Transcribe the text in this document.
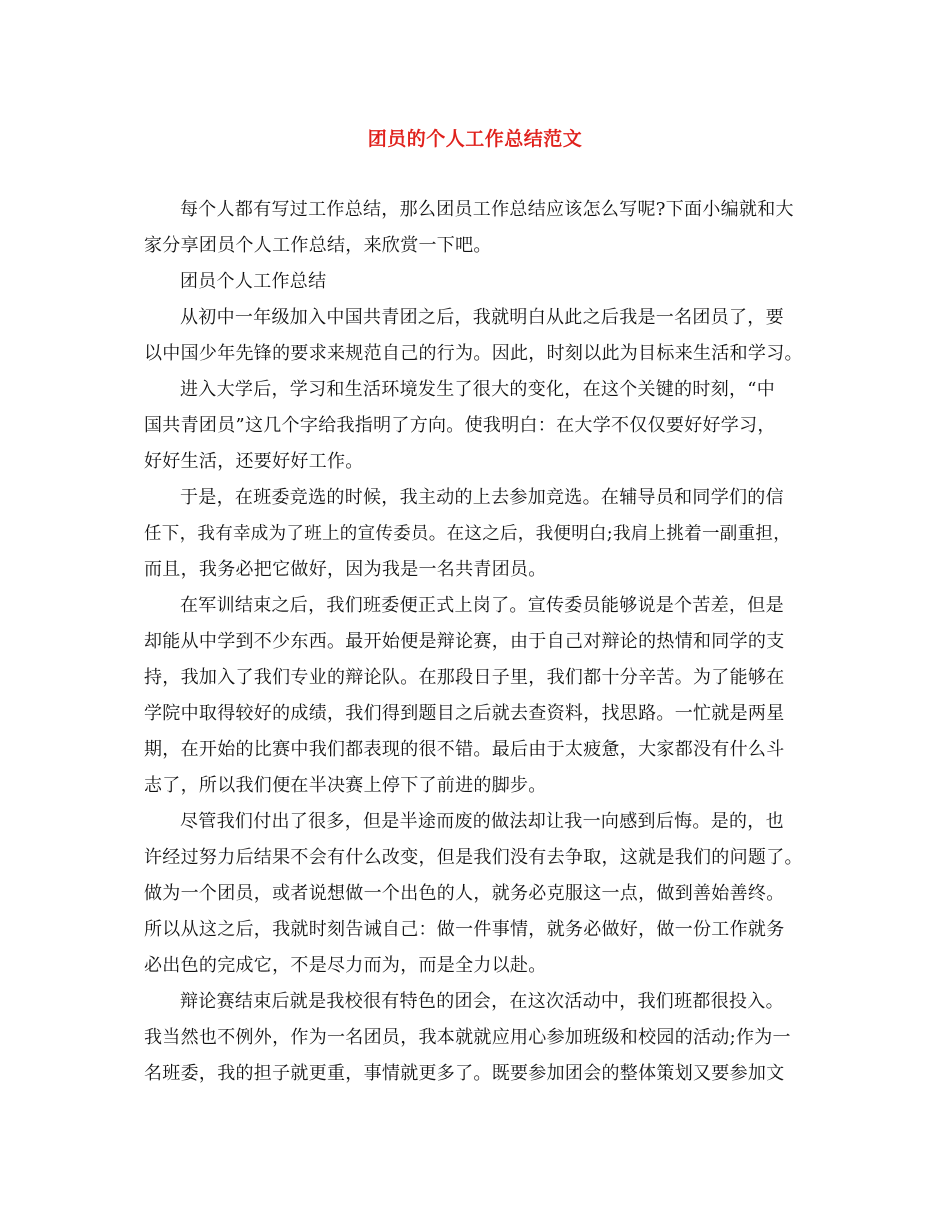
团员的个人工作总结范文
每个人都有写过工作总结，那么团员工作总结应该怎么写呢?下面小编就和大
家分享团员个人工作总结，来欣赏一下吧。
团员个人工作总结
从初中一年级加入中国共青团之后，我就明白从此之后我是一名团员了，要
以中国少年先锋的要求来规范自己的行为。因此，时刻以此为目标来生活和学习。
进入大学后，学习和生活环境发生了很大的变化，在这个关键的时刻，“中
国共青团员”这几个字给我指明了方向。使我明白：在大学不仅仅要好好学习，
好好生活，还要好好工作。
于是，在班委竞选的时候，我主动的上去参加竞选。在辅导员和同学们的信
任下，我有幸成为了班上的宣传委员。在这之后，我便明白;我肩上挑着一副重担，
而且，我务必把它做好，因为我是一名共青团员。
在军训结束之后，我们班委便正式上岗了。宣传委员能够说是个苦差，但是
却能从中学到不少东西。最开始便是辩论赛，由于自己对辩论的热情和同学的支
持，我加入了我们专业的辩论队。在那段日子里，我们都十分辛苦。为了能够在
学院中取得较好的成绩，我们得到题目之后就去查资料，找思路。一忙就是两星
期，在开始的比赛中我们都表现的很不错。最后由于太疲惫，大家都没有什么斗
志了，所以我们便在半决赛上停下了前进的脚步。
尽管我们付出了很多，但是半途而废的做法却让我一向感到后悔。是的，也
许经过努力后结果不会有什么改变，但是我们没有去争取，这就是我们的问题了。
做为一个团员，或者说想做一个出色的人，就务必克服这一点，做到善始善终。
所以从这之后，我就时刻告诫自己：做一件事情，就务必做好，做一份工作就务
必出色的完成它，不是尽力而为，而是全力以赴。
辩论赛结束后就是我校很有特色的团会，在这次活动中，我们班都很投入。
我当然也不例外，作为一名团员，我本就就应用心参加班级和校园的活动;作为一
名班委，我的担子就更重，事情就更多了。既要参加团会的整体策划又要参加文
